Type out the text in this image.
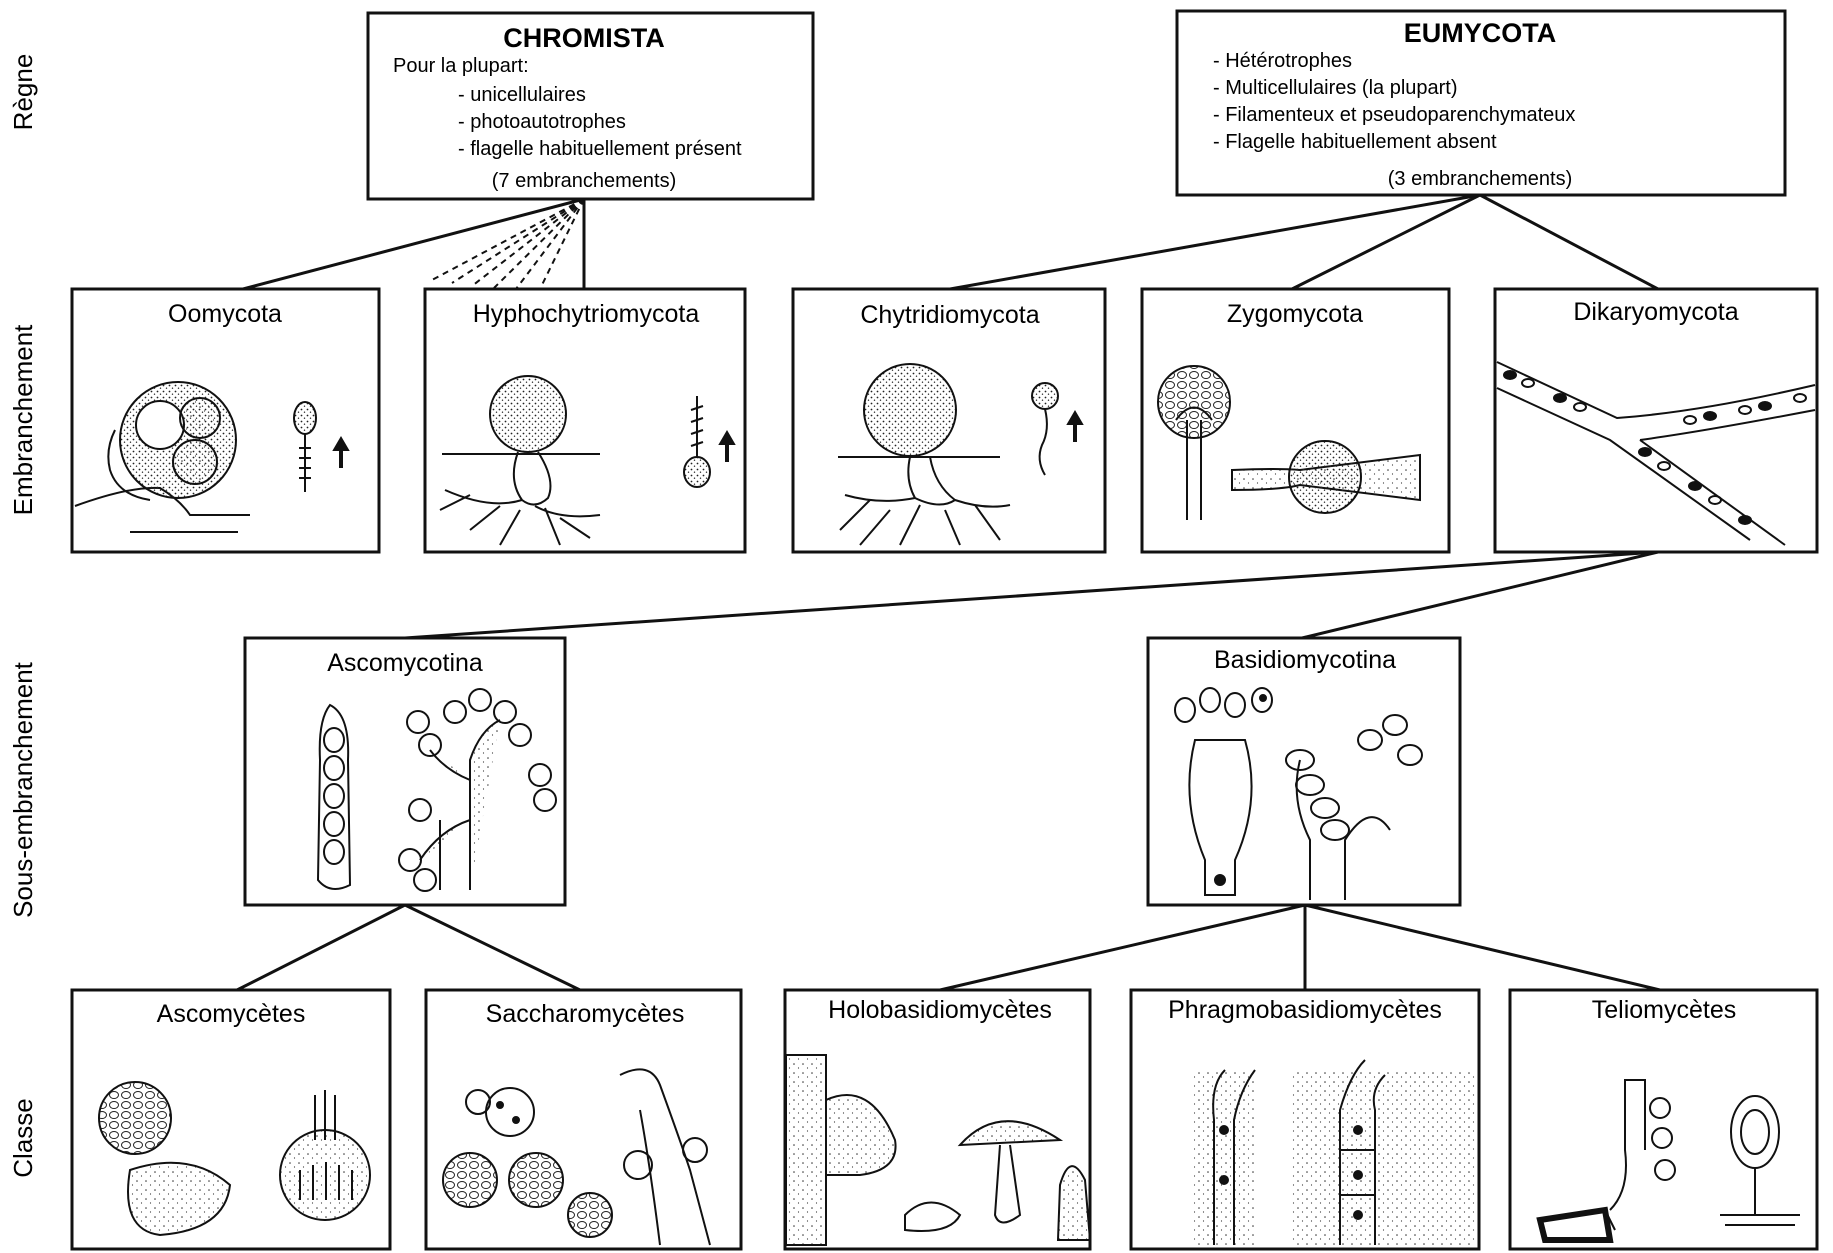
Règne
Embranchement
Sous-embranchement
Classe
CHROMISTA
Pour la plupart:
- unicellulaires
- photoautotrophes
- flagelle habituellement présent
(7 embranchements)
EUMYCOTA
- Hétérotrophes
- Multicellulaires (la plupart)
- Filamenteux et pseudoparenchymateux
- Flagelle habituellement absent
(3 embranchements)
Oomycota	Hyphochytriomycota	Chytridiomycota	Zygomycota	Dikaryomycota
Ascomycotina	Basidiomycotina
Ascomycètes	Saccharomycètes	Holobasidiomycètes	Phragmobasidiomycètes	Teliomycètes
